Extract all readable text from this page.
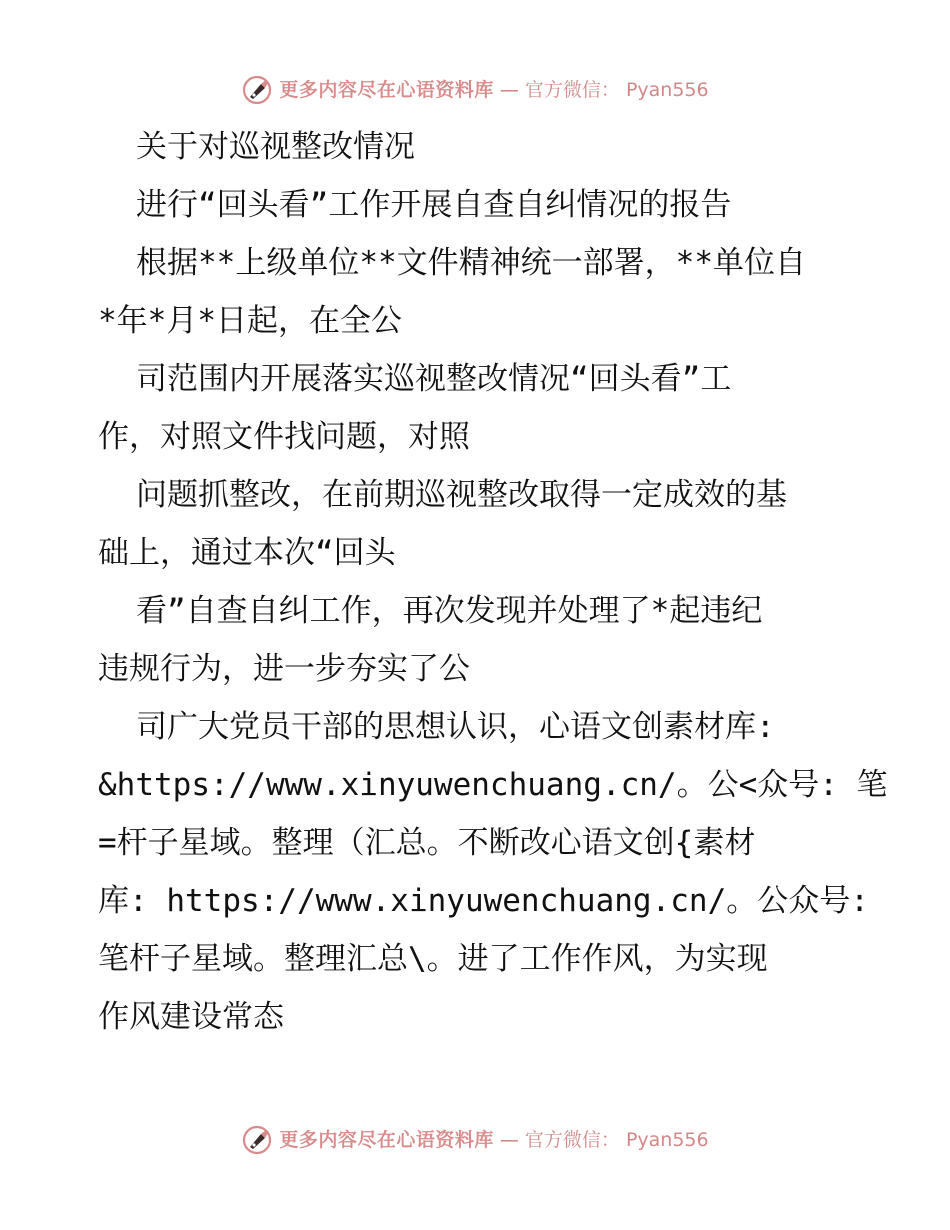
更多内容尽在心语资料库 — 官方微信： Pyan556
关于对巡视整改情况
进行“回头看”工作开展自查自纠情况的报告
根据**上级单位**文件精神统一部署，**单位自
*年*月*日起，在全公
司范围内开展落实巡视整改情况“回头看”工
作，对照文件找问题，对照
问题抓整改，在前期巡视整改取得一定成效的基
础上，通过本次“回头
看”自查自纠工作，再次发现并处理了*起违纪
违规行为，进一步夯实了公
司广大党员干部的思想认识，心语文创素材库:
&https://www.xinyuwenchuang.cn/。公<众号: 笔
=杆子星域。整理（汇总。不断改心语文创{素材
库: https://www.xinyuwenchuang.cn/。公众号:
笔杆子星域。整理汇总\。进了工作作风，为实现
作风建设常态
更多内容尽在心语资料库 — 官方微信： Pyan556
